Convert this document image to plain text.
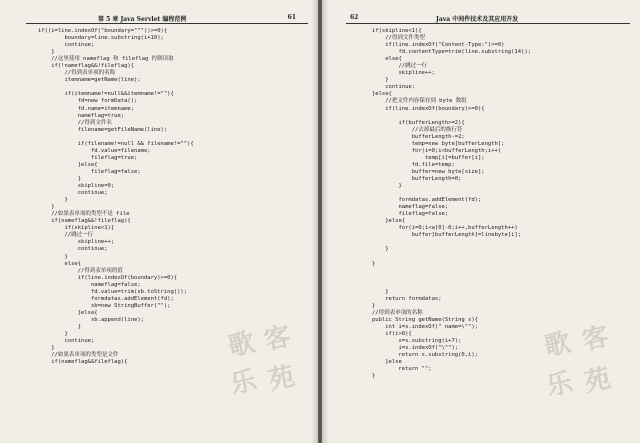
第 5 章 Java Servlet 编程范例	61
if((i=line.indexOf("boundary="""))>=0){
boundary=line.substring(i+10);
continue;
}
//这里使用 nameflag 和 fileflag 控制读取
if(!nameflag&&!fileflag){
//得到表单项的名称
itemname=getName(line);

if(itemname!=null&&itemname!=""){
fd=new formData();
fd.name=itemname;
nameflag=true;
//得到文件名
filename=getFileName(line);

if(filename!=null && filename!=""){
fd.value=filename;
fileflag=true;
}else{
fileflag=false;
}
skipline=0;
continue;
}
}
//如果表单项的类型不是 file
if(nameflag&&!fileflag){
if(skipline<1){
//跳过一行
skipline++;
continue;
}
else{
//得到表单项的值
if(line.indexOf(boundary)>=0){
nameflag=false;
fd.value=trim(sb.toString());
formdatas.addElement(fd);
sb=new StringBuffer("");
}else{
sb.append(line);
}
}
continue;
}
//如果表单项的类型是文件
if(nameflag&&fileflag){	歌 客
乐 苑
62	Java 中间件技术及其应用开发
if(skipline<1){
//得到文件类型
if(line.indexOf("Content-Type:")>=0)
fd.contentType=trim(line.substring(14));
else{
//跳过一行
skipline++;
}
continue;
}else{
//把文件内容保存到 byte 数组
if(line.indexOf(boundary)>=0){

if(bufferLength>=2){
//去掉最后的换行符
bufferLength-=2;
temp=new byte[bufferLength];
for(i=0;i<bufferLength;i++)
temp[i]=buffer[i];
fd.file=temp;
buffer=new byte[size];
bufferLength=0;
}

formdatas.addElement(fd);
nameflag=false;
fileflag=false;
}else{
for(i=0;i<a[0]-0;i++,bufferLength++)
buffer[bufferLength]=linebyte[i];

}

}

}
return formdatas;
}
//得到表单项的名称
public String getName(String s){
int i=s.indexOf(" name=\"");
if(i>0){
s=s.substring(i+7);
i=s.indexOf("\"");
return s.substring(0,i);
}else
return "";
}
歌 客
乐 苑
